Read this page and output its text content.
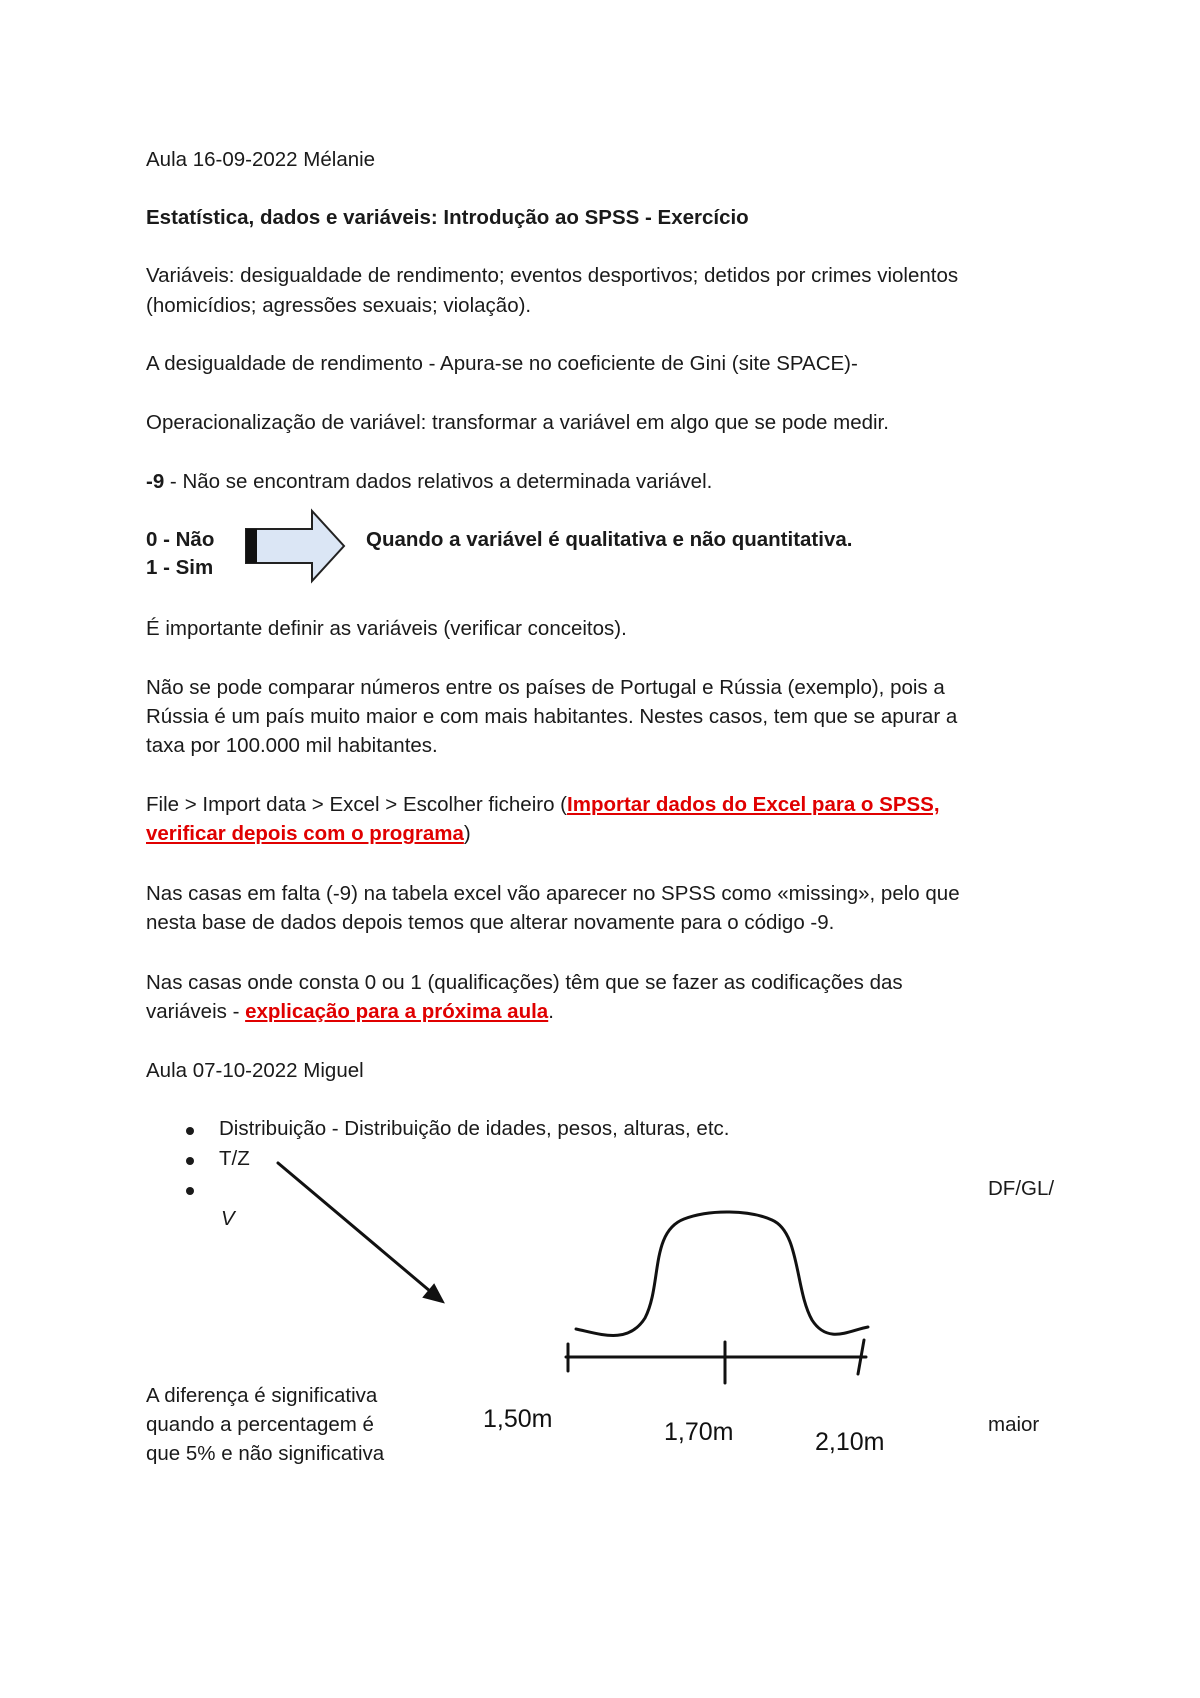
Aula 16-09-2022 Mélanie

Estatística, dados e variáveis: Introdução ao SPSS - Exercício

Variáveis: desigualdade de rendimento; eventos desportivos; detidos por crimes violentos

(homicídios; agressões sexuais; violação).

A desigualdade de rendimento - Apura-se no coeficiente de Gini (site SPACE)-

Operacionalização de variável: transformar a variável em algo que se pode medir.

-9 - Não se encontram dados relativos a determinada variável.

0 - Não

1 - Sim

Quando a variável é qualitativa e não quantitativa.

É importante definir as variáveis (verificar conceitos).

Não se pode comparar números entre os países de Portugal e Rússia (exemplo), pois a

Rússia é um país muito maior e com mais habitantes. Nestes casos, tem que se apurar a

taxa por 100.000 mil habitantes.

File > Import data > Excel > Escolher ficheiro (Importar dados do Excel para o SPSS,

verificar depois com o programa)

Nas casas em falta (-9) na tabela excel vão aparecer no SPSS como «missing», pelo que

nesta base de dados depois temos que alterar novamente para o código -9.

Nas casas onde consta 0 ou 1 (qualificações) têm que se fazer as codificações das

variáveis - explicação para a próxima aula.

Aula 07-10-2022 Miguel

Distribuição - Distribuição de idades, pesos, alturas, etc.

T/Z

DF/GL/

V

1,50m	1,70m	2,10m

A diferença é significativa

quando a percentagem é

que 5% e não significativa

maior
